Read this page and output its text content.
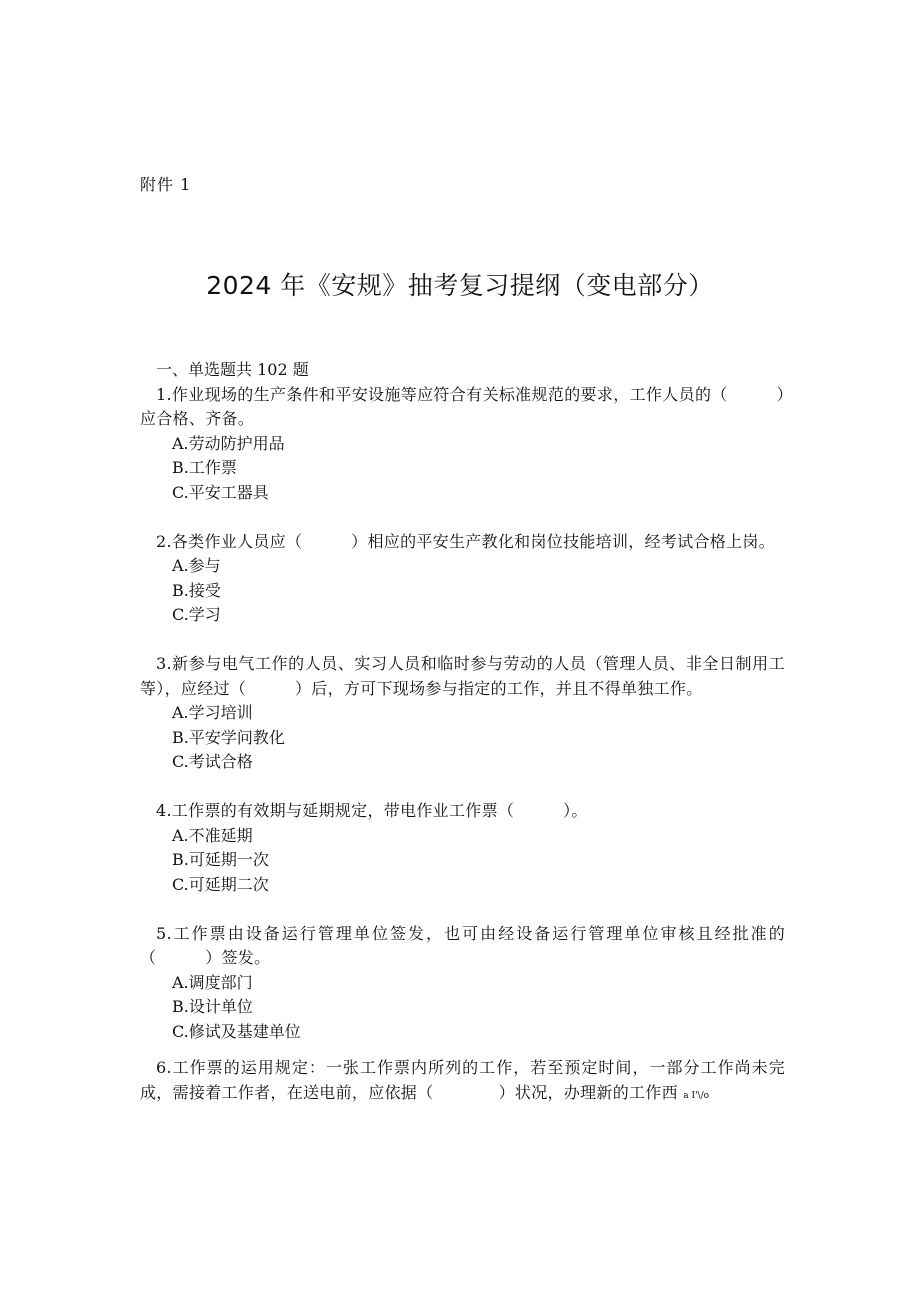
附件 1
2024 年《安规》抽考复习提纲（变电部分）

一、单选题共 102 题

1.作业现场的生产条件和平安设施等应符合有关标准规范的要求，工作人员的（　　　）应合格、齐备。
A.劳动防护用品
B.工作票
C.平安工器具
2.各类作业人员应（　　　）相应的平安生产教化和岗位技能培训，经考试合格上岗。
A.参与
B.接受
C.学习
3.新参与电气工作的人员、实习人员和临时参与劳动的人员（管理人员、非全日制用工等），应经过（　　　）后，方可下现场参与指定的工作，并且不得单独工作。
A.学习培训
B.平安学问教化
C.考试合格
4.工作票的有效期与延期规定，带电作业工作票（　　　）。
A.不准延期
B.可延期一次
C.可延期二次
5.工作票由设备运行管理单位签发，也可由经设备运行管理单位审核且经批准的（　　　）签发。
A.调度部门
B.设计单位
C.修试及基建单位
6.工作票的运用规定：一张工作票内所列的工作，若至预定时间，一部分工作尚未完成，需接着工作者，在送电前，应依据（　　　　）状况，办理新的工作西 a I'\/o
